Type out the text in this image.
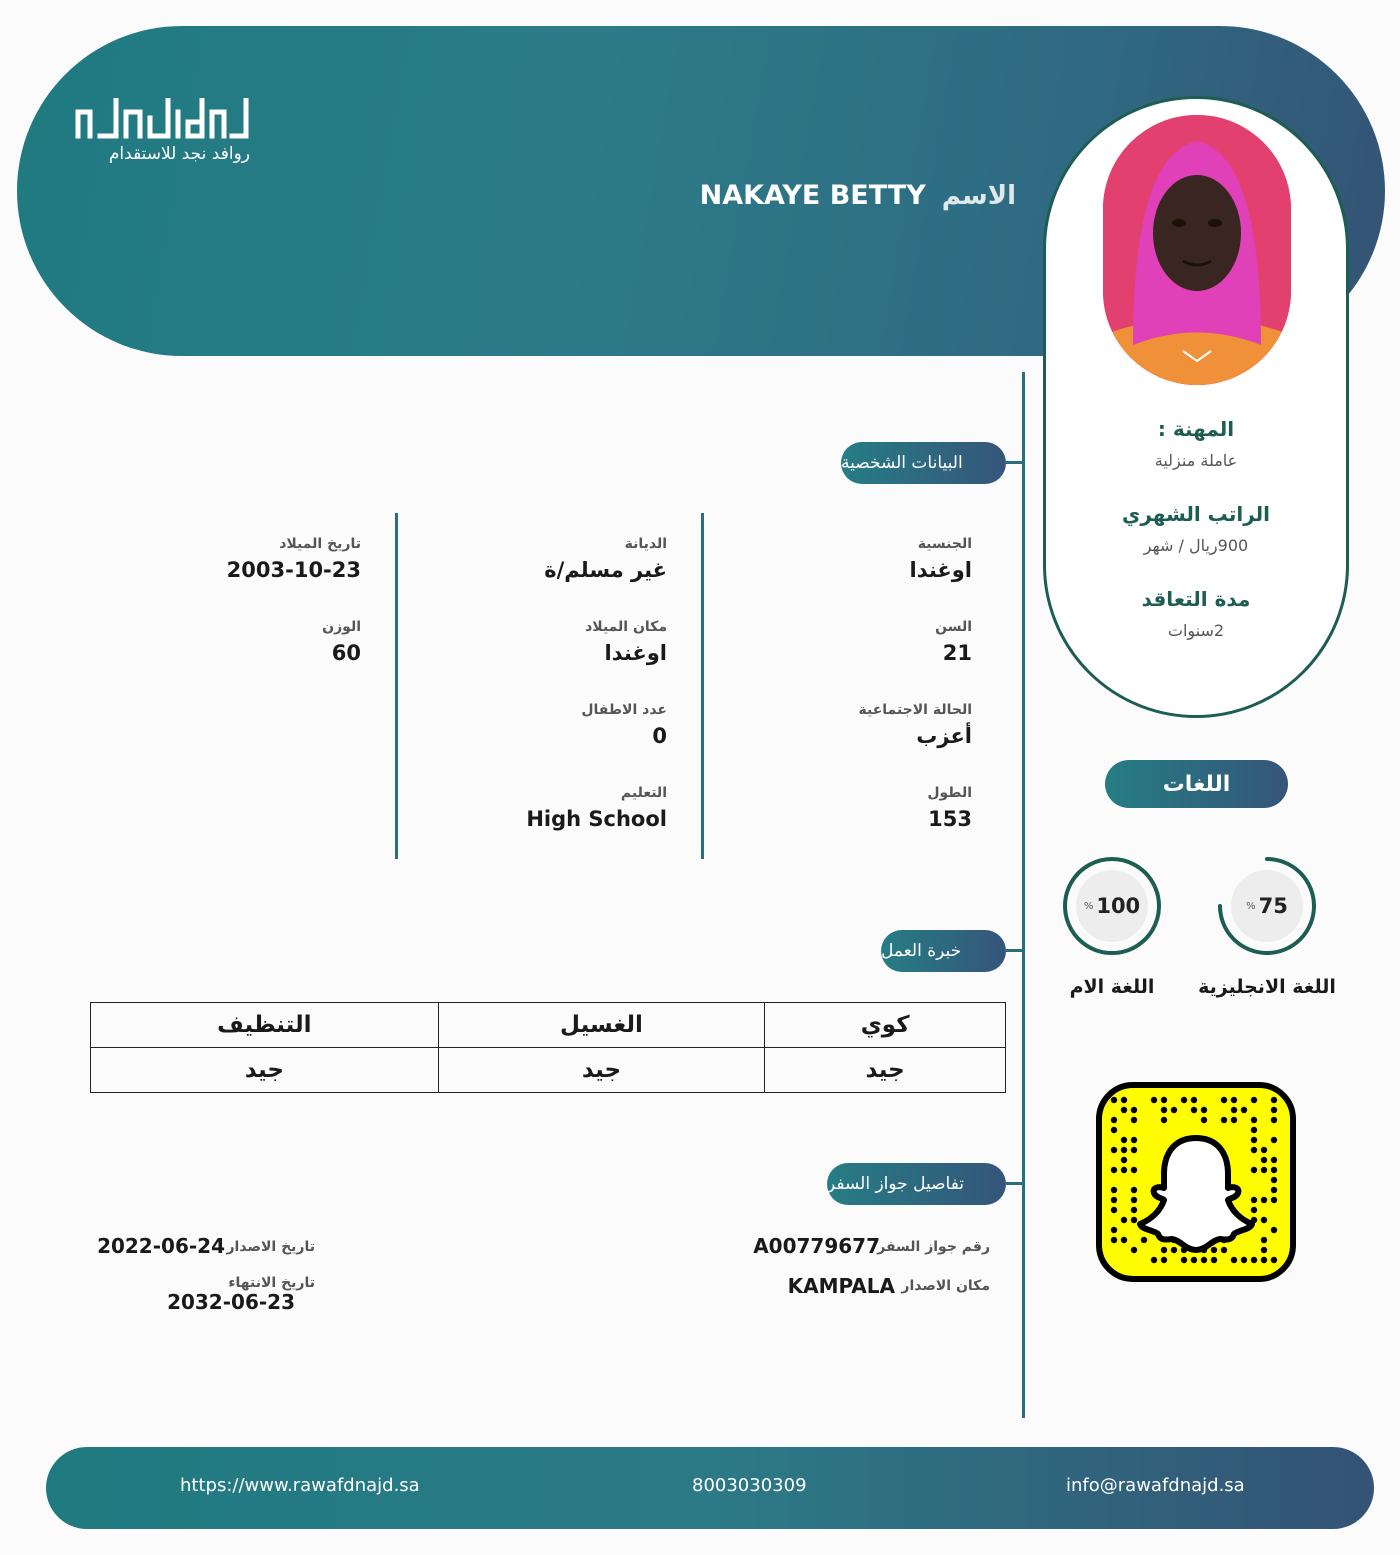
روافد نجد للاستقدام
الاسم
NAKAYE BETTY
المهنة :
عاملة منزلية
الراتب الشهري
900ريال / شهر
مدة التعاقد
2سنوات
البيانات الشخصية
الجنسية
اوغندا
السن
21
الحالة الاجتماعية
أعزب
الطول
153
الديانة
غير مسلم/ة
مكان الميلاد
اوغندا
عدد الاطفال
0
التعليم
High School
تاريخ الميلاد
2003-10-23
الوزن
60
خبرة العمل
كوي	الغسيل	التنظيف
جيد	جيد	جيد
تفاصيل جواز السفر
رقم جواز السفر
A00779677
مكان الاصدار
KAMPALA
تاريخ الاصدار
2022-06-24
تاريخ الانتهاء
2032-06-23
اللغات
% 75
اللغة الانجليزية
% 100
اللغة الام
https://www.rawafdnajd.sa	8003030309	info@rawafdnajd.sa
